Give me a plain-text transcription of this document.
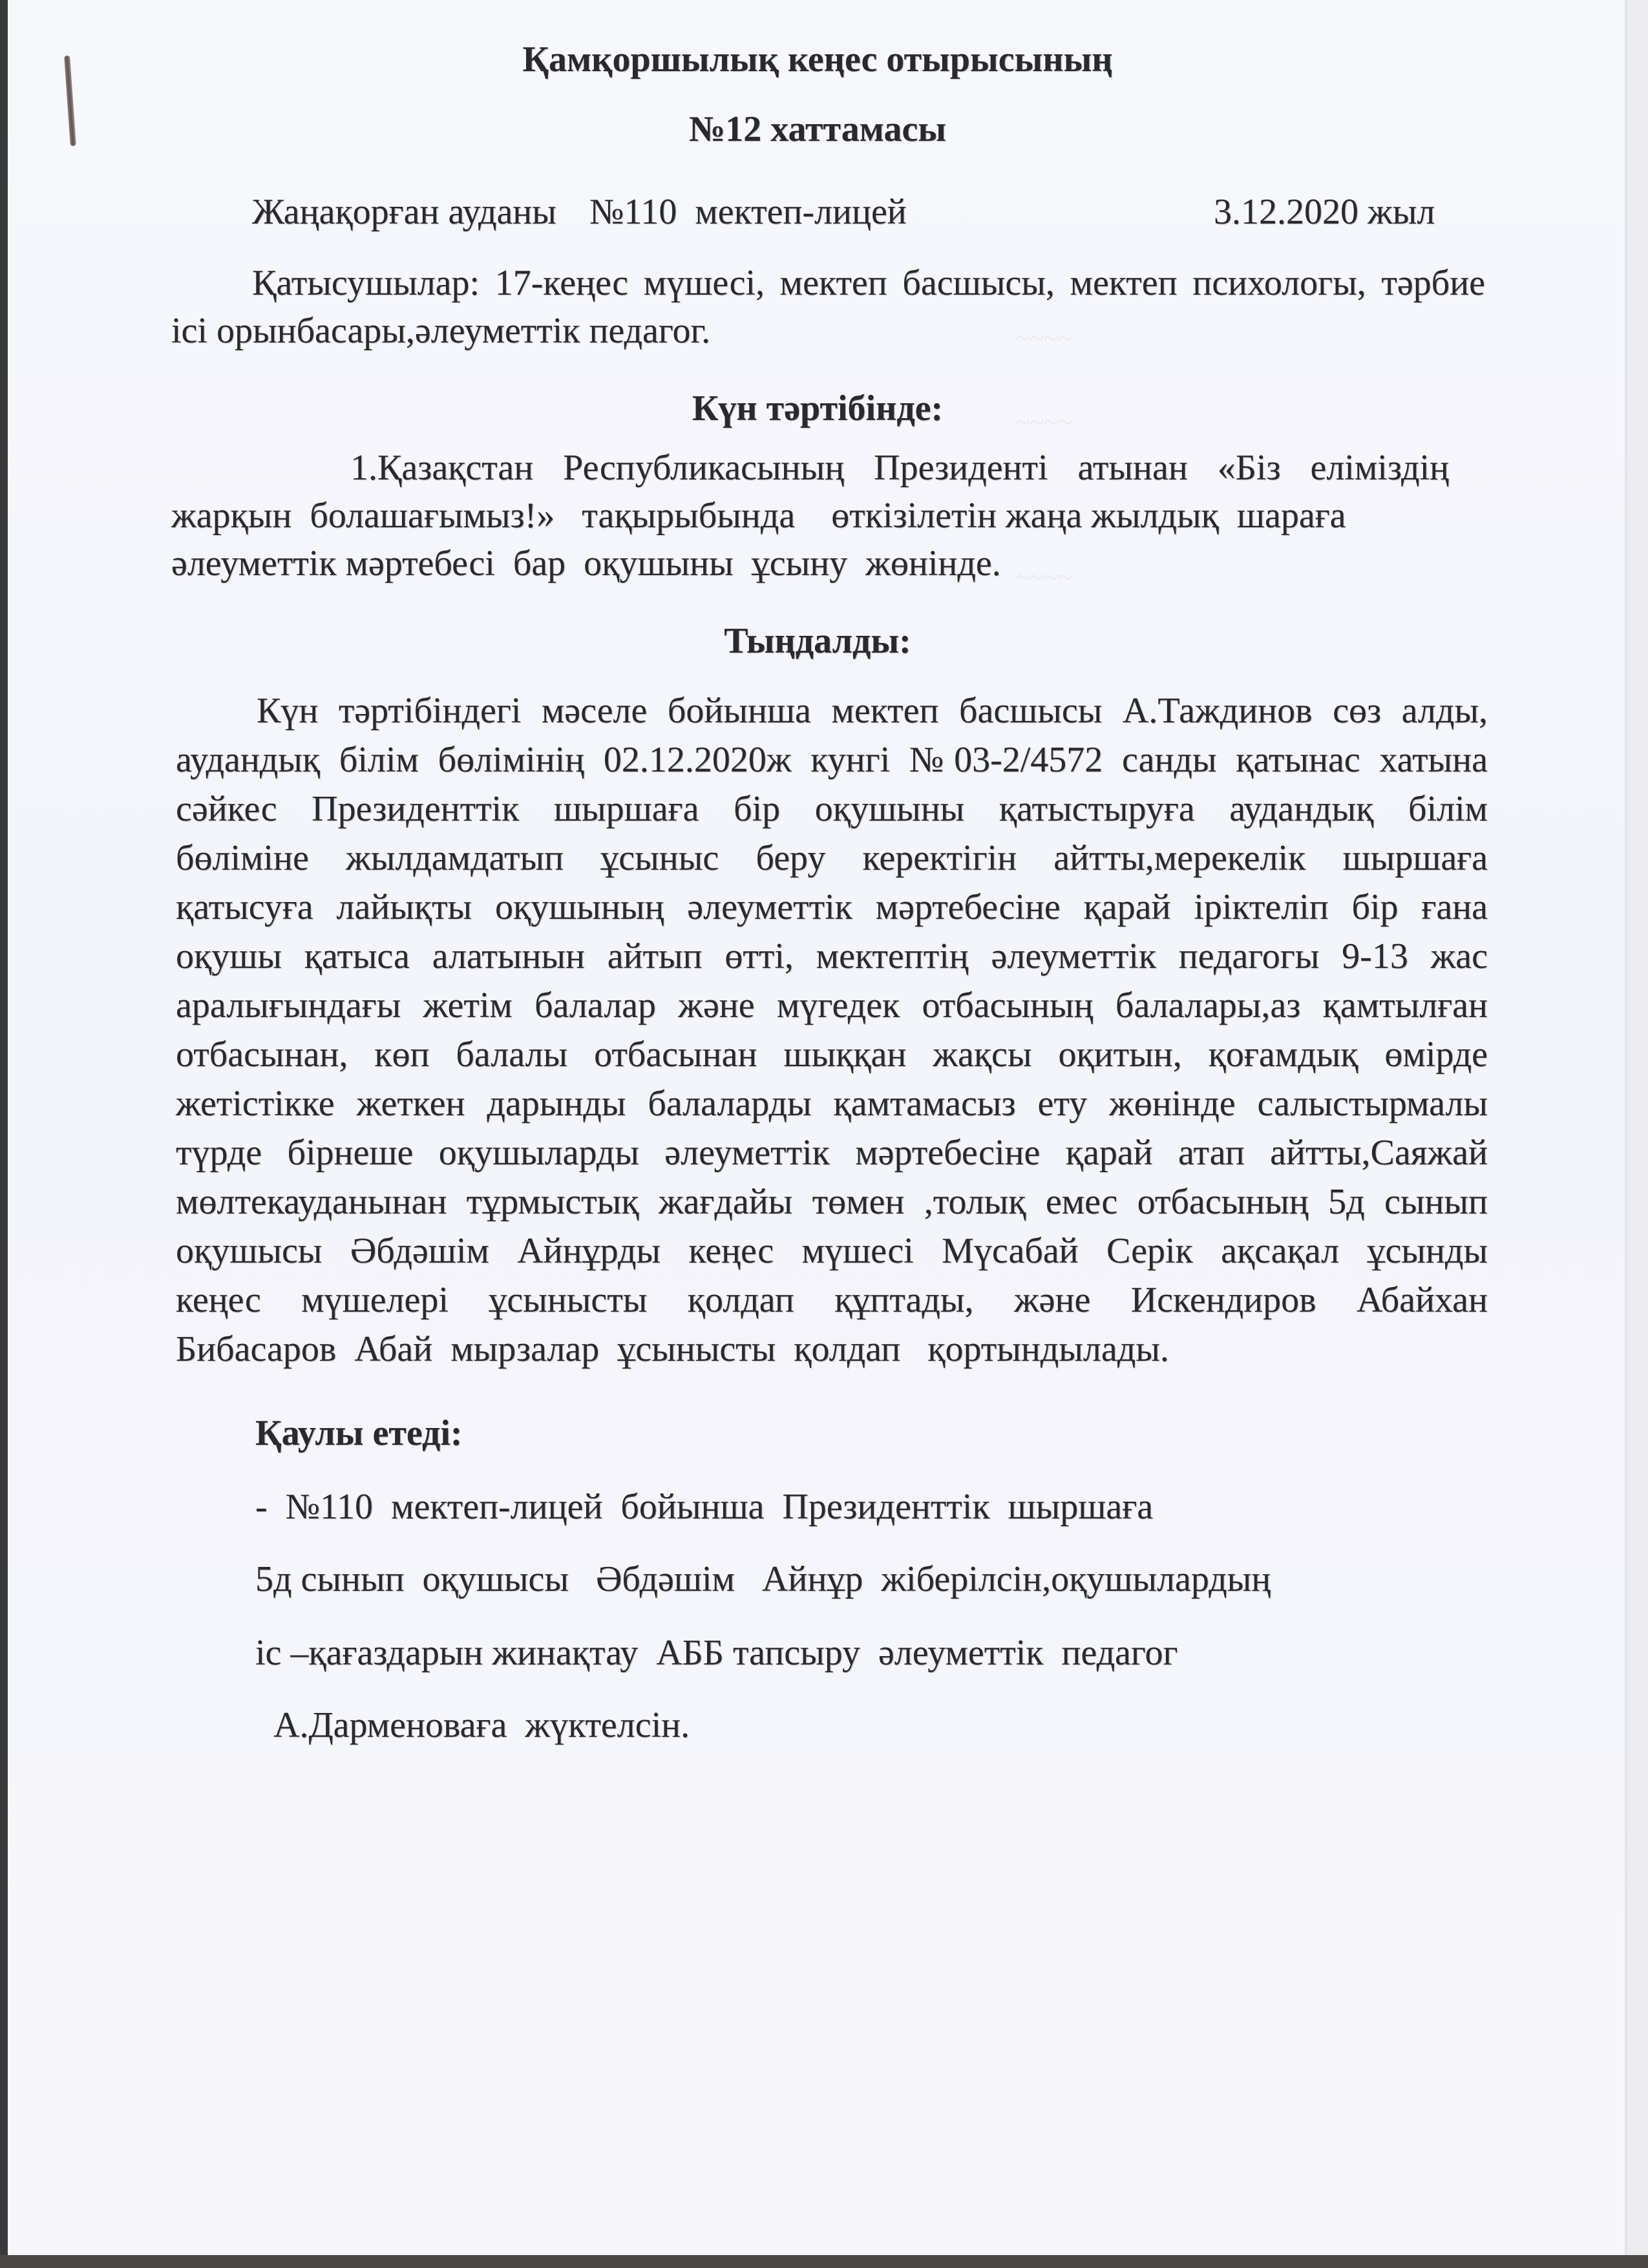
~~~~
~~~~
~~~~
Қамқоршылық кеңес отырысының
№12 хаттамасы
Жаңақорған ауданы №110  мектеп-лицей	3.12.2020 жыл
Қатысушылар: 17-кеңес мүшесі, мектеп басшысы, мектеп психологы, тәрбие
ісі орынбасары,әлеуметтік педагог.
Күн тәртібінде:
1.Қазақстан Республикасының Президенті атынан «Біз еліміздің
жарқын  болашағымыз!»   тақырыбында    өткізілетін жаңа жылдық  шараға
әлеуметтік мәртебесі  бар  оқушыны  ұсыну  жөнінде.
Тыңдалды:
Күн тәртібіндегі мәселе бойынша мектеп басшысы А.Таждинов сөз алды,
аудандық білім бөлімінің 02.12.2020ж кунгі №03-2/4572 санды қатынас хатына
сәйкес Президенттік шыршаға бір оқушыны қатыстыруға аудандық білім
бөліміне жылдамдатып ұсыныс беру керектігін айтты,мерекелік шыршаға
қатысуға лайықты оқушының әлеуметтік мәртебесіне қарай іріктеліп бір ғана
оқушы қатыса алатынын айтып өтті, мектептің әлеуметтік педагогы 9-13 жас
аралығындағы жетім балалар және мүгедек отбасының балалары,аз қамтылған
отбасынан, көп балалы отбасынан шыққан жақсы оқитын, қоғамдық өмірде
жетістікке жеткен дарынды балаларды қамтамасыз ету жөнінде салыстырмалы
түрде бірнеше оқушыларды әлеуметтік мәртебесіне қарай атап айтты,Саяжай
мөлтекауданынан тұрмыстық жағдайы төмен ,толық емес отбасының 5д сынып
оқушысы Әбдәшім Айнұрды кеңес мүшесі Мүсабай Серік ақсақал ұсынды
кеңес мүшелері ұсынысты қолдап құптады, және Искендиров Абайхан
Бибасаров  Абай  мырзалар  ұсынысты  қолдап   қортындылады.
Қаулы етеді:
-  №110  мектеп-лицей  бойынша  Президенттік  шыршаға
5д сынып  оқушысы   Әбдәшім   Айнұр  жіберілсін,оқушылардың
іс –қағаздарын жинақтау  АББ тапсыру  әлеуметтік  педагог
А.Дарменоваға  жүктелсін.
